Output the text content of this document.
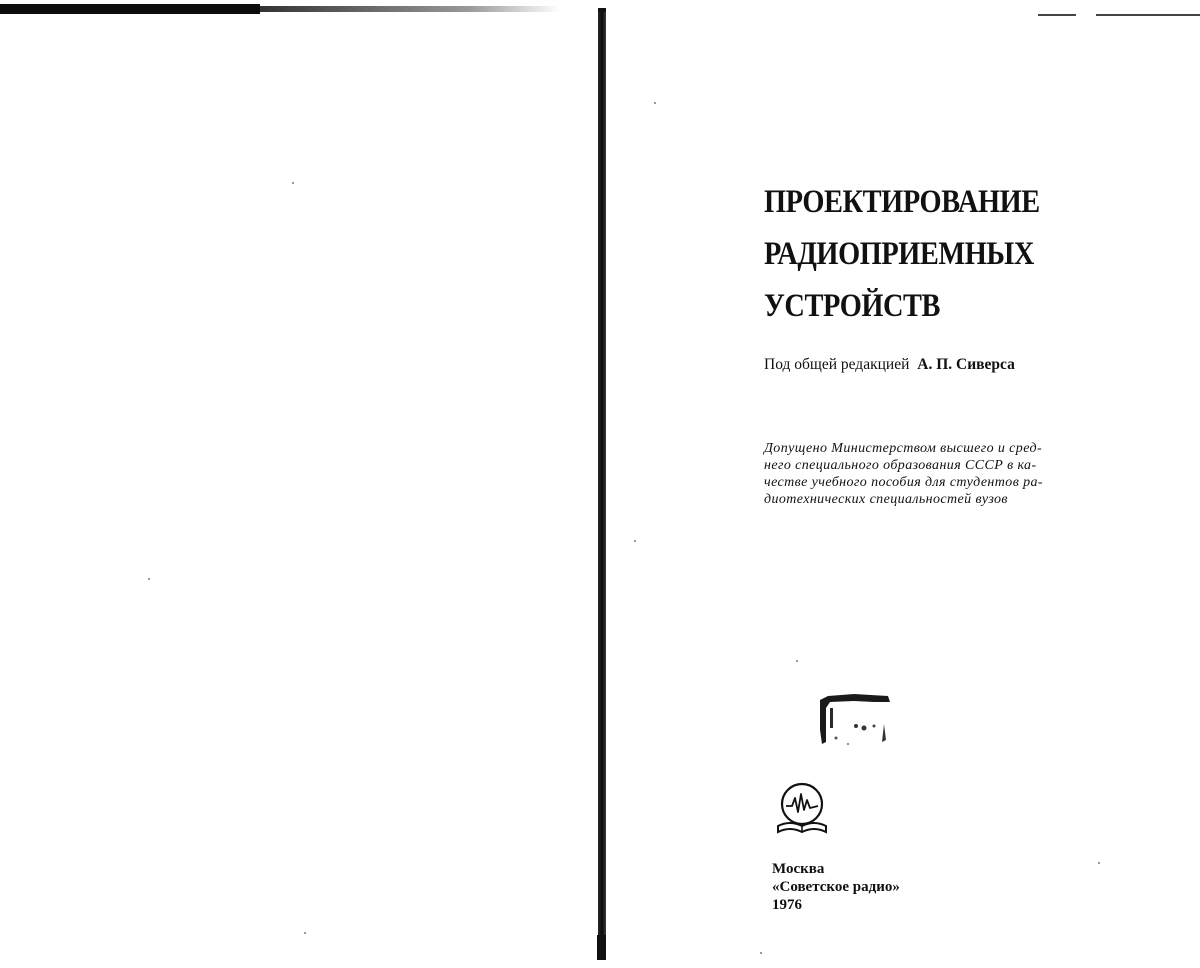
ПРОЕКТИРОВАНИЕ
РАДИОПРИЕМНЫХ
УСТРОЙСТВ
Под общей редакцией А. П. Сиверса
Допущено Министерством высшего и сред-
него специального образования СССР в ка-
честве учебного пособия для студентов ра-
диотехнических специальностей вузов
Москва
«Советское радио»
1976
